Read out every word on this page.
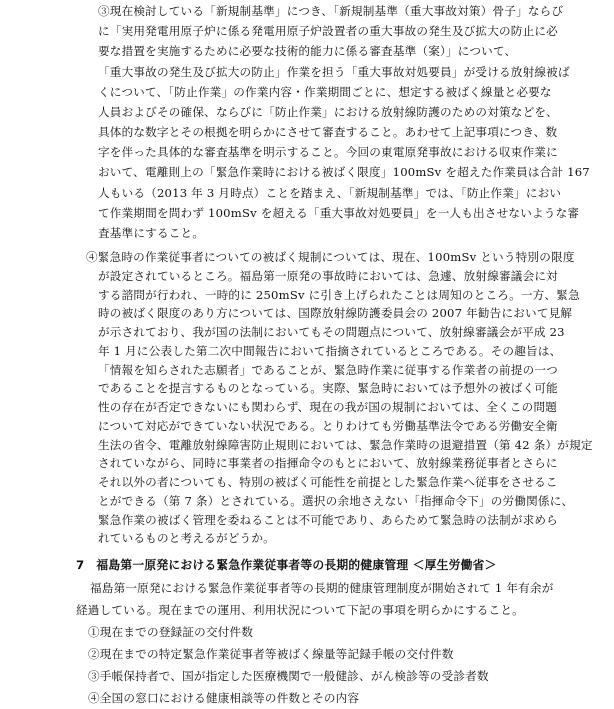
③現在検討している「新規制基準」につき、「新規制基準（重大事故対策）骨子」ならび
に「実用発電用原子炉に係る発電用原子炉設置者の重大事故の発生及び拡大の防止に必
要な措置を実施するために必要な技術的能力に係る審査基準（案）」について、
「重大事故の発生及び拡大の防止」作業を担う「重大事故対処要員」が受ける放射線被ば
くについて、「防止作業」の作業内容・作業期間ごとに、想定する被ばく線量と必要な
人員およびその確保、ならびに「防止作業」における放射線防護のための対策などを、
具体的な数字とその根拠を明らかにさせて審査すること。あわせて上記事項につき、数
字を伴った具体的な審査基準を明示すること。今回の東電原発事故における収束作業に
おいて、電離則上の「緊急作業時における被ばく限度」100mSv を超えた作業員は合計 167
人もいる（2013 年 3 月時点）ことを踏まえ、「新規制基準」では、「防止作業」におい
て作業期間を問わず 100mSv を超える「重大事故対処要員」を一人も出させないような審
査基準にすること。
④緊急時の作業従事者についての被ばく規制については、現在、100mSv という特別の限度
が設定されているところ。福島第一原発の事故時においては、急遽、放射線審議会に対
する諮問が行われ、一時的に 250mSv に引き上げられたことは周知のところ。一方、緊急
時の被ばく限度のあり方については、国際放射線防護委員会の 2007 年勧告において見解
が示されており、我が国の法制においてもその問題点について、放射線審議会が平成 23
年 1 月に公表した第二次中間報告において指摘されているところである。その趣旨は、
「情報を知らされた志願者」であることが、緊急時作業に従事する作業者の前提の一つ
であることを提言するものとなっている。実際、緊急時においては予想外の被ばく可能
性の存在が否定できないにも関わらず、現在の我が国の規制においては、全くこの問題
について対応ができていない状況である。とりわけても労働基準法令である労働安全衛
生法の省令、電離放射線障害防止規則においては、緊急作業時の退避措置（第 42 条）が規定
されていながら、同時に事業者の指揮命令のもとにおいて、放射線業務従事者とさらに
それ以外の者についても、特別の被ばく可能性を前提とした緊急作業へ従事をさせるこ
とができる（第 7 条）とされている。選択の余地さえない「指揮命令下」の労働関係に、
緊急作業の被ばく管理を委ねることは不可能であり、あらためて緊急時の法制が求めら
れているものと考えるがどうか。
7　福島第一原発における緊急作業従事者等の長期的健康管理 ＜厚生労働省＞
福島第一原発における緊急作業従事者等の長期的健康管理制度が開始されて 1 年有余が
経過している。現在までの運用、利用状況について下記の事項を明らかにすること。
①現在までの登録証の交付件数
②現在までの特定緊急作業従事者等被ばく線量等記録手帳の交付件数
③手帳保持者で、国が指定した医療機関で一般健診、がん検診等の受診者数
④全国の窓口における健康相談等の件数とその内容
